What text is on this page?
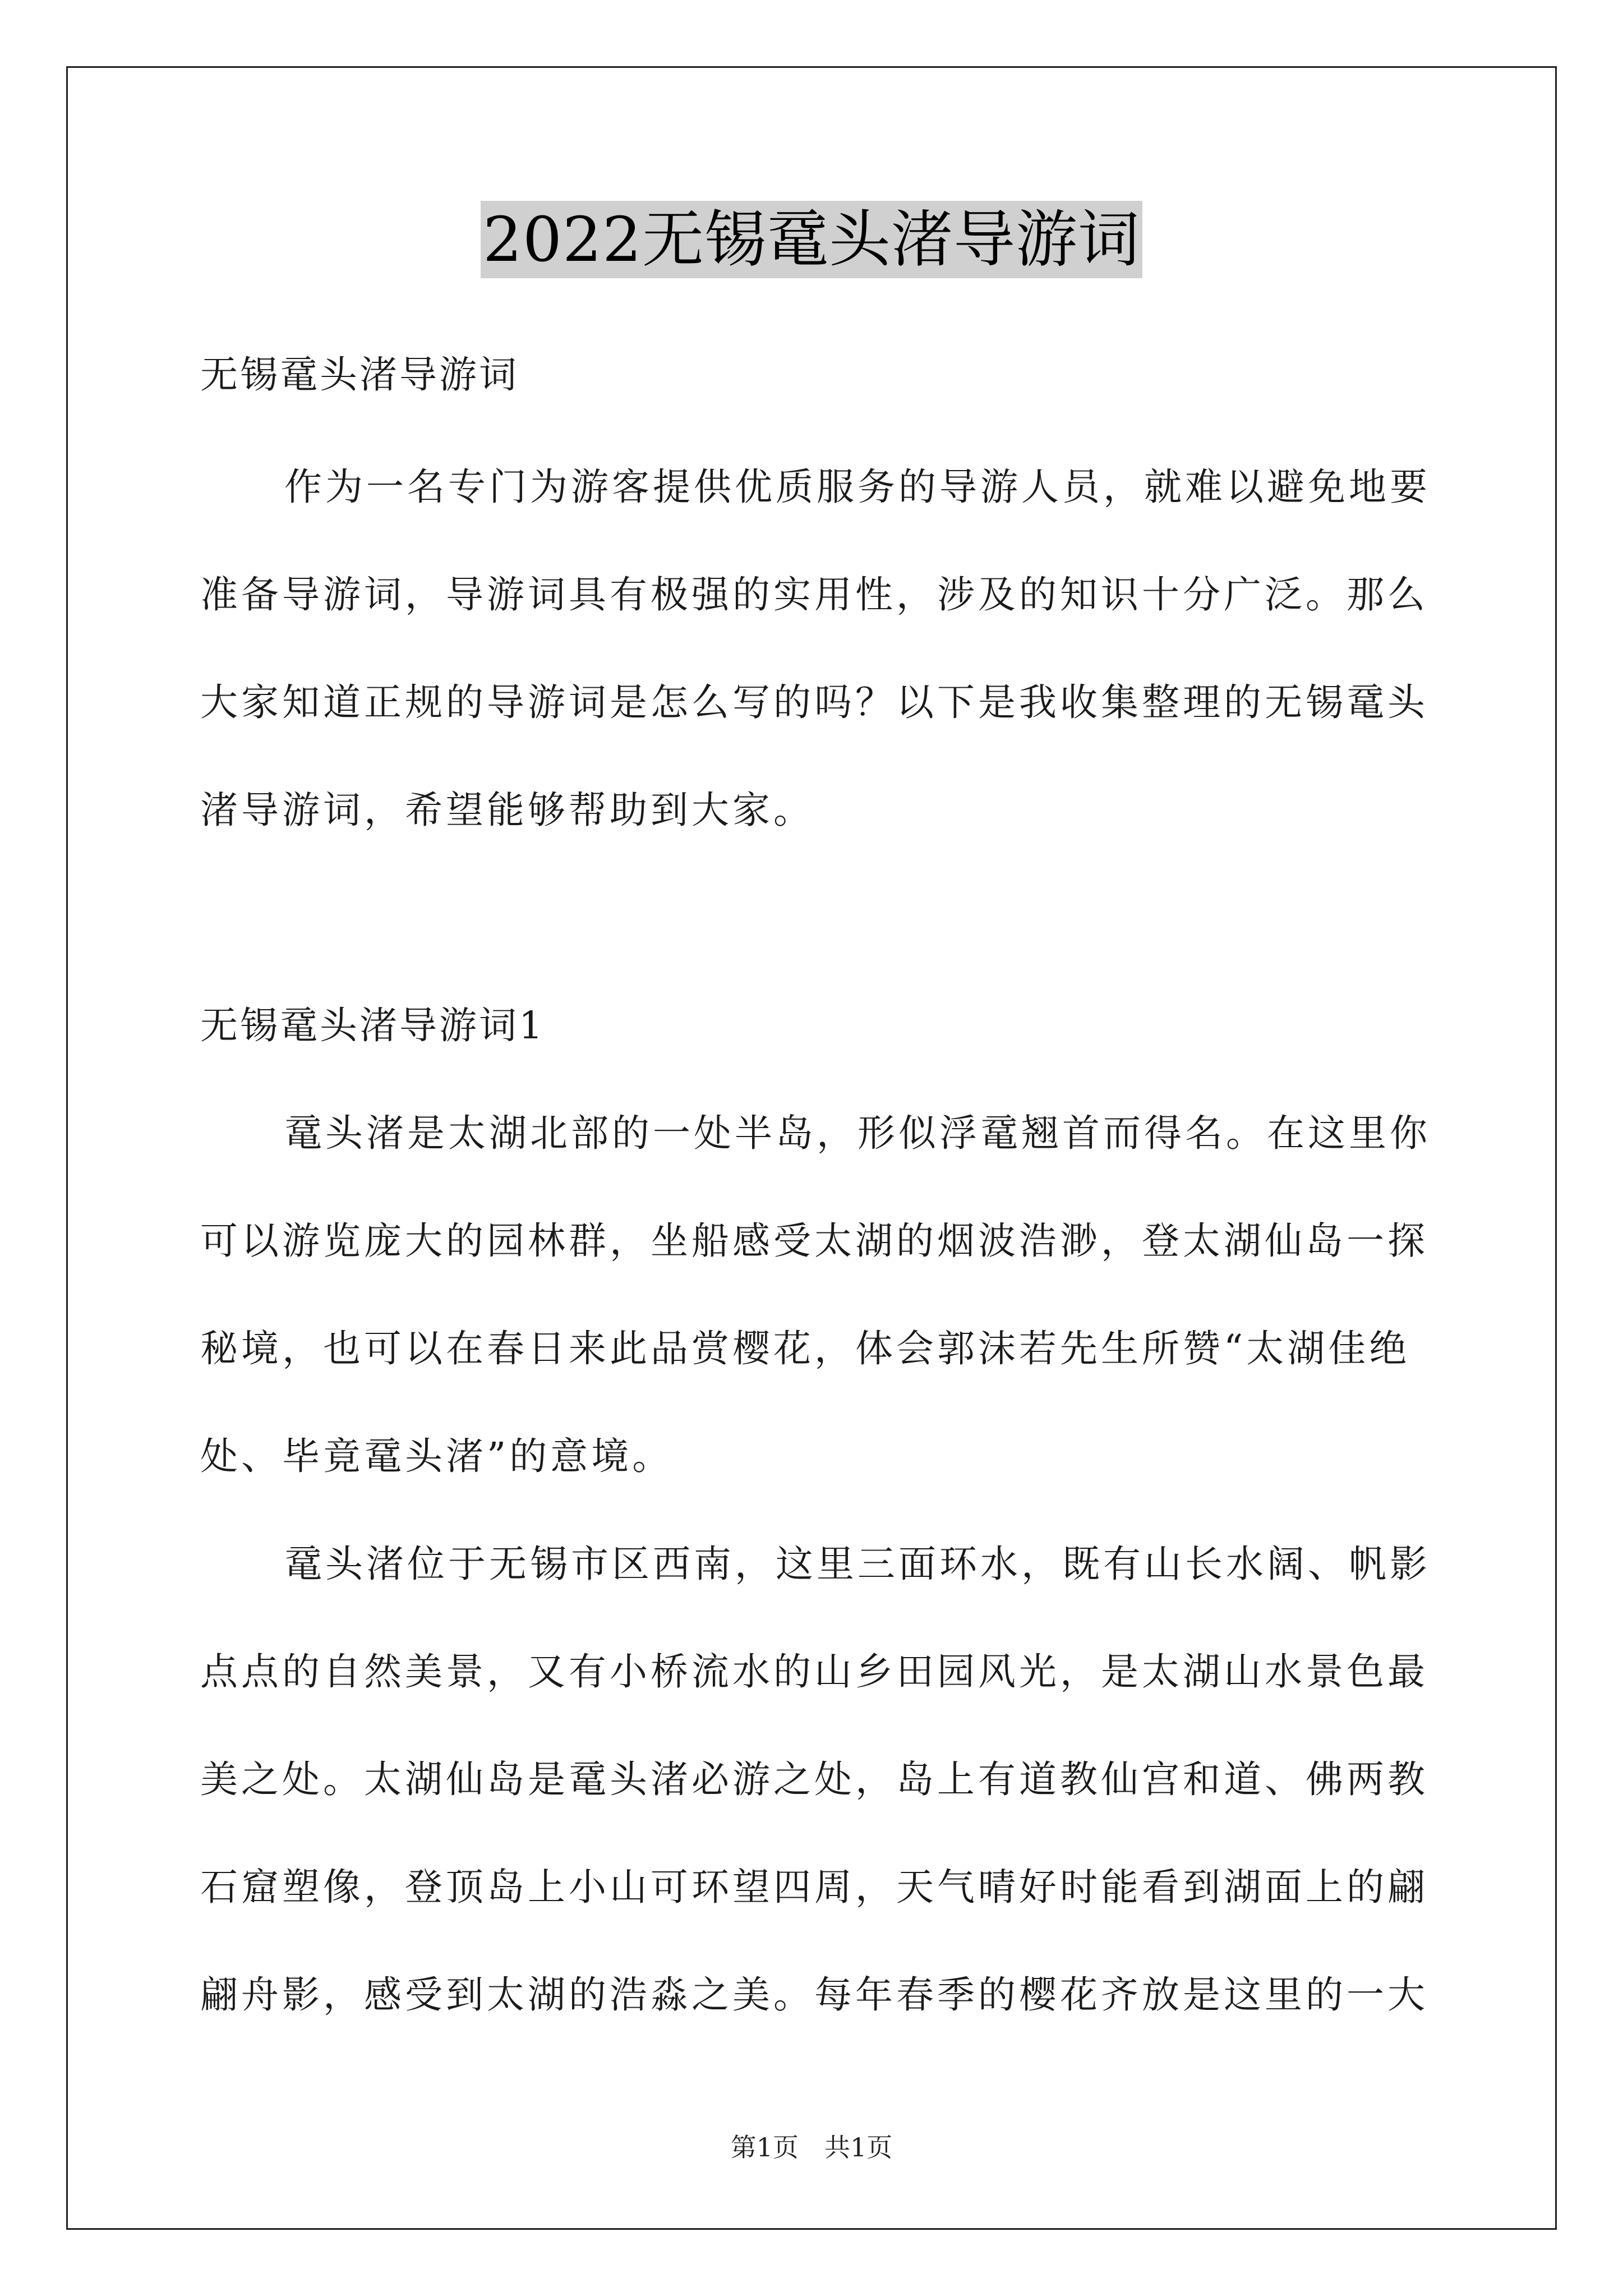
2022无锡鼋头渚导游词
无锡鼋头渚导游词
作为一名专门为游客提供优质服务的导游人员，就难以避免地要
准备导游词，导游词具有极强的实用性，涉及的知识十分广泛。那么
大家知道正规的导游词是怎么写的吗？以下是我收集整理的无锡鼋头
渚导游词，希望能够帮助到大家。
无锡鼋头渚导游词1
鼋头渚是太湖北部的一处半岛，形似浮鼋翘首而得名。在这里你
可以游览庞大的园林群，坐船感受太湖的烟波浩渺，登太湖仙岛一探
秘境，也可以在春日来此品赏樱花，体会郭沫若先生所赞“太湖佳绝
处、毕竟鼋头渚”的意境。
鼋头渚位于无锡市区西南，这里三面环水，既有山长水阔、帆影
点点的自然美景，又有小桥流水的山乡田园风光，是太湖山水景色最
美之处。太湖仙岛是鼋头渚必游之处，岛上有道教仙宫和道、佛两教
石窟塑像，登顶岛上小山可环望四周，天气晴好时能看到湖面上的翩
翩舟影，感受到太湖的浩淼之美。每年春季的樱花齐放是这里的一大
第1页　共1页
